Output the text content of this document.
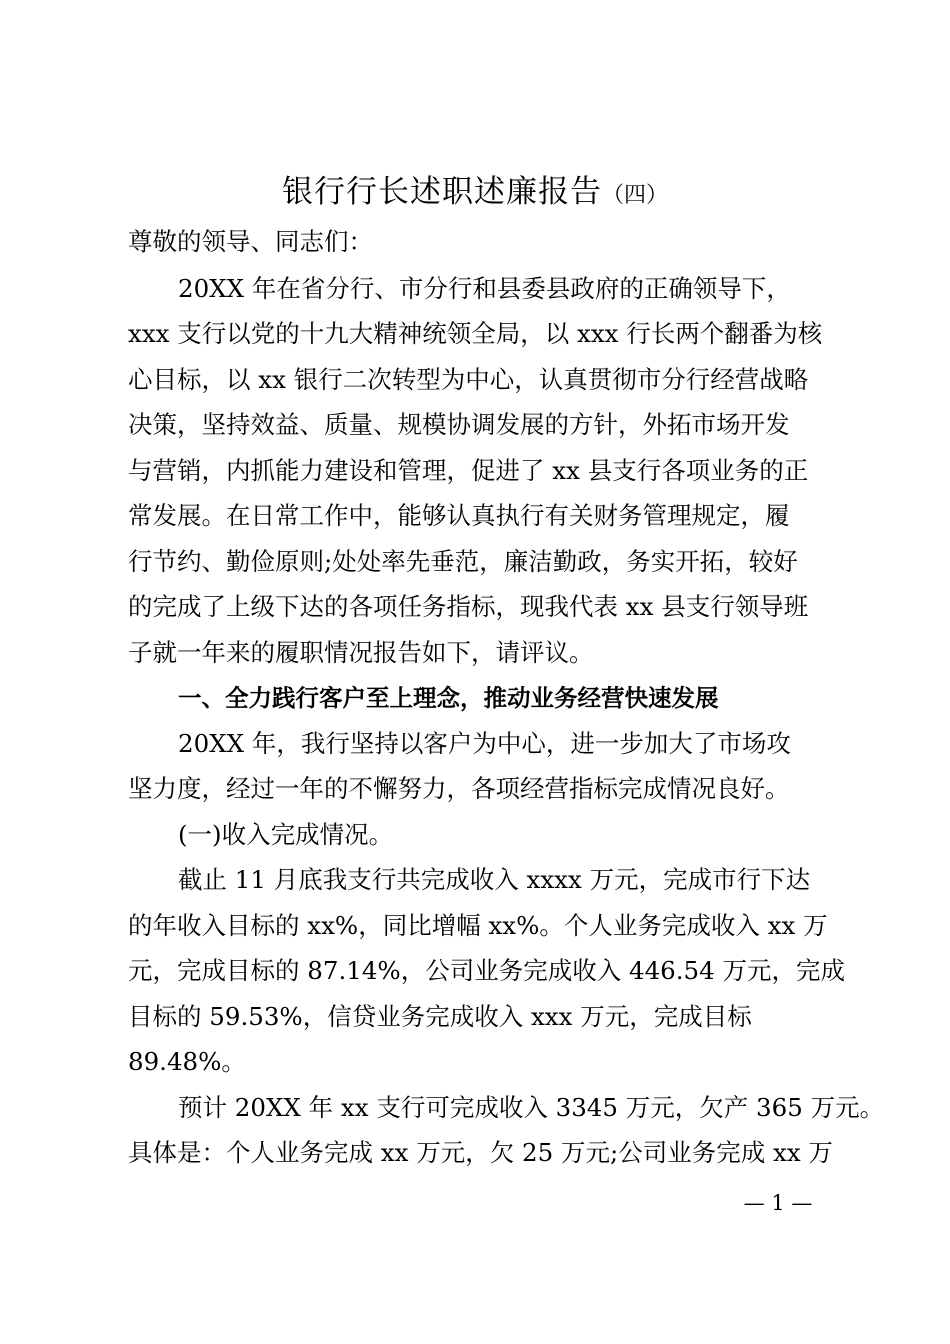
银行行长述职述廉报告（四）
尊敬的领导、同志们：
20XX 年在省分行、市分行和县委县政府的正确领导下，
xxx 支行以党的十九大精神统领全局，以 xxx 行长两个翻番为核
心目标，以 xx 银行二次转型为中心，认真贯彻市分行经营战略
决策，坚持效益、质量、规模协调发展的方针，外拓市场开发
与营销，内抓能力建设和管理，促进了 xx 县支行各项业务的正
常发展。在日常工作中，能够认真执行有关财务管理规定，履
行节约、勤俭原则;处处率先垂范，廉洁勤政，务实开拓，较好
的完成了上级下达的各项任务指标，现我代表 xx 县支行领导班
子就一年来的履职情况报告如下，请评议。
一、全力践行客户至上理念，推动业务经营快速发展
20XX 年，我行坚持以客户为中心，进一步加大了市场攻
坚力度，经过一年的不懈努力，各项经营指标完成情况良好。
(一)收入完成情况。
截止 11 月底我支行共完成收入 xxxx 万元，完成市行下达
的年收入目标的 xx%，同比增幅 xx%。个人业务完成收入 xx 万
元，完成目标的 87.14%，公司业务完成收入 446.54 万元，完成
目标的 59.53%，信贷业务完成收入 xxx 万元，完成目标
89.48%。
预计 20XX 年 xx 支行可完成收入 3345 万元，欠产 365 万元。
具体是：个人业务完成 xx 万元，欠 25 万元;公司业务完成 xx 万
— 1 —
